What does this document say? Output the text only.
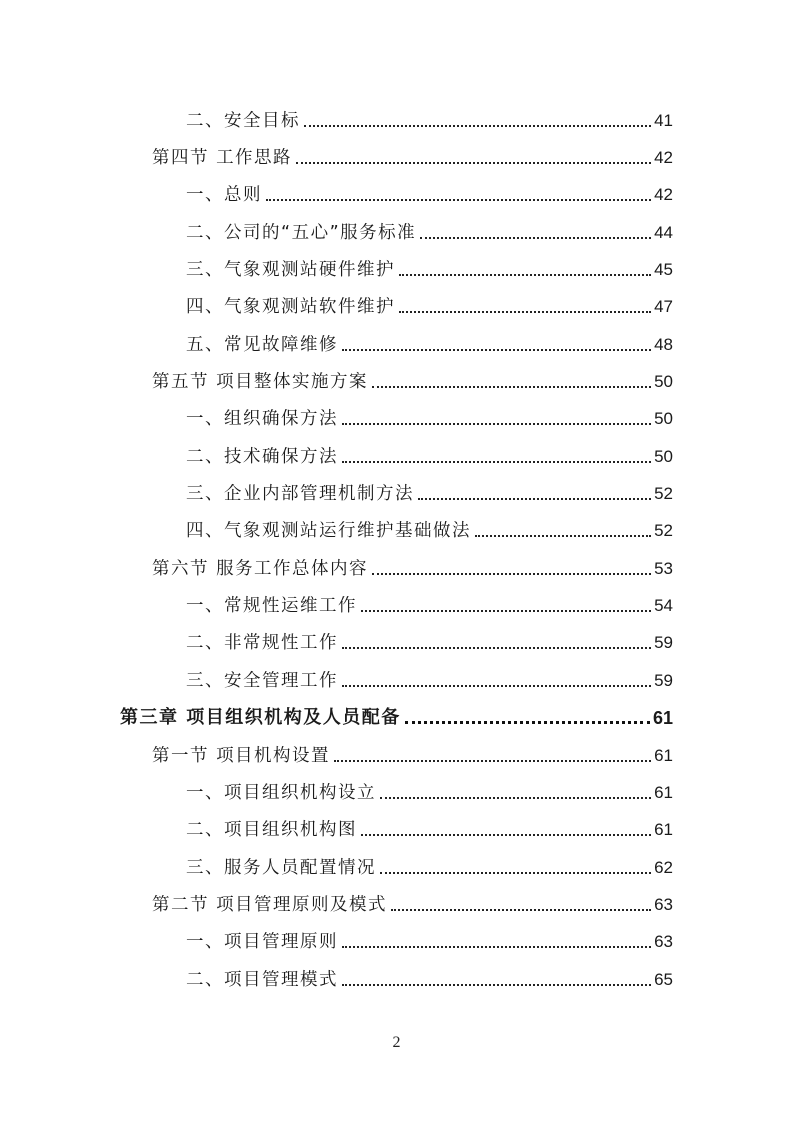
二、安全目标	41
第四节 工作思路	42
一、总则	42
二、公司的“五心”服务标准	44
三、气象观测站硬件维护	45
四、气象观测站软件维护	47
五、常见故障维修	48
第五节 项目整体实施方案	50
一、组织确保方法	50
二、技术确保方法	50
三、企业内部管理机制方法	52
四、气象观测站运行维护基础做法	52
第六节 服务工作总体内容	53
一、常规性运维工作	54
二、非常规性工作	59
三、安全管理工作	59
第三章 项目组织机构及人员配备	61
第一节 项目机构设置	61
一、项目组织机构设立	61
二、项目组织机构图	61
三、服务人员配置情况	62
第二节 项目管理原则及模式	63
一、项目管理原则	63
二、项目管理模式	65
2
